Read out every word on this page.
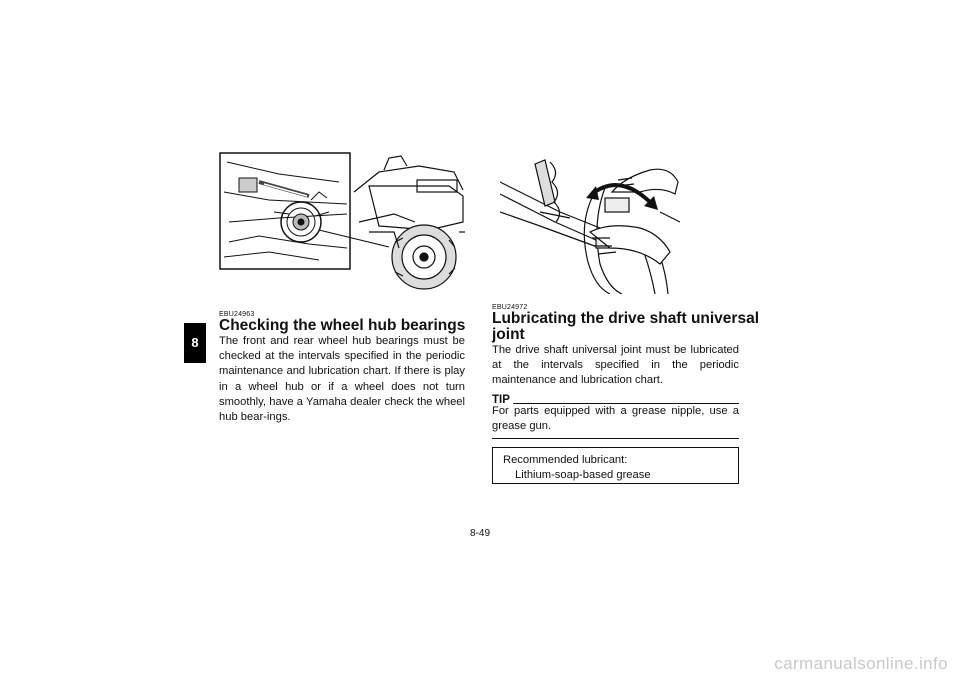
8
EBU24963
Checking the wheel hub bearings

The front and rear wheel hub bearings must be checked at the intervals specified in the periodic maintenance and lubrication chart. If there is play in a wheel hub or if a wheel does not turn smoothly, have a Yamaha dealer check the wheel hub bear-ings.

EBU24972
Lubricating the drive shaft universal
joint

The drive shaft universal joint must be lubricated at the intervals specified in the periodic maintenance and lubrication chart.

TIP

For parts equipped with a grease nipple, use a grease gun.

Recommended lubricant:
Lithium-soap-based grease
8-49
carmanualsonline.info
